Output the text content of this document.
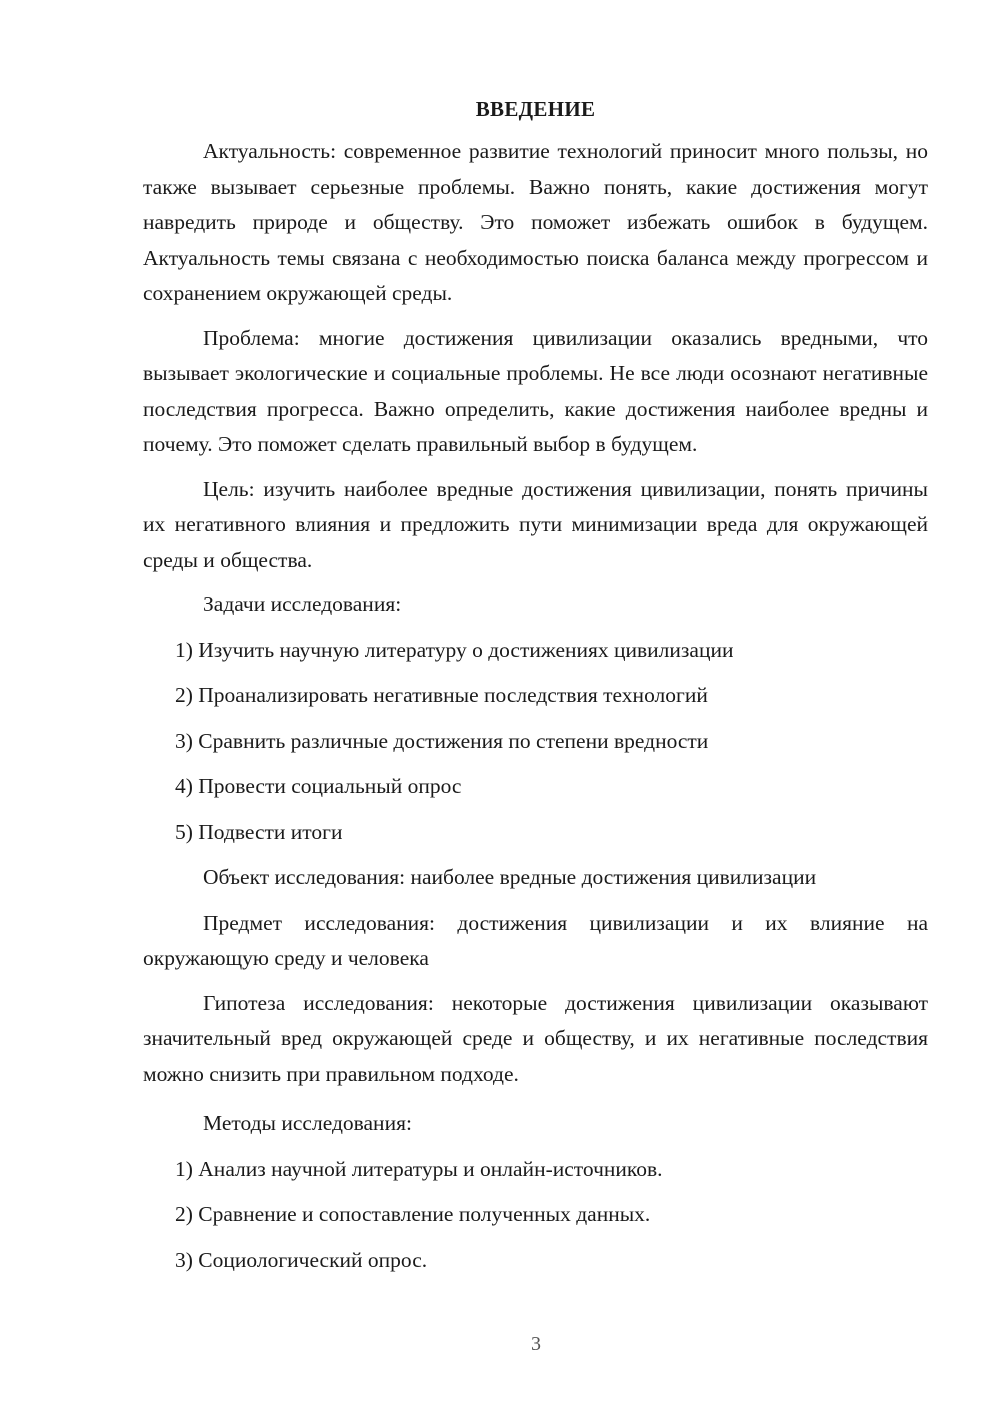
ВВЕДЕНИЕ

Актуальность: современное развитие технологий приносит много пользы, но также вызывает серьезные проблемы. Важно понять, какие достижения могут навредить природе и обществу. Это поможет избежать ошибок в будущем. Актуальность темы связана с необходимостью поиска баланса между прогрессом и сохранением окружающей среды.

Проблема: многие достижения цивилизации оказались вредными, что вызывает экологические и социальные проблемы. Не все люди осознают негативные последствия прогресса. Важно определить, какие достижения наиболее вредны и почему. Это поможет сделать правильный выбор в будущем.

Цель: изучить наиболее вредные достижения цивилизации, понять причины их негативного влияния и предложить пути минимизации вреда для окружающей среды и общества.

Задачи исследования:

1) Изучить научную литературу о достижениях цивилизации
2) Проанализировать негативные последствия технологий
3) Сравнить различные достижения по степени вредности
4) Провести социальный опрос
5) Подвести итоги

Объект исследования: наиболее вредные достижения цивилизации

Предмет исследования: достижения цивилизации и их влияние на окружающую среду и человека

Гипотеза исследования: некоторые достижения цивилизации оказывают значительный вред окружающей среде и обществу, и их негативные последствия можно снизить при правильном подходе.

Методы исследования:

1) Анализ научной литературы и онлайн-источников.
2) Сравнение и сопоставление полученных данных.
3) Социологический опрос.
3
